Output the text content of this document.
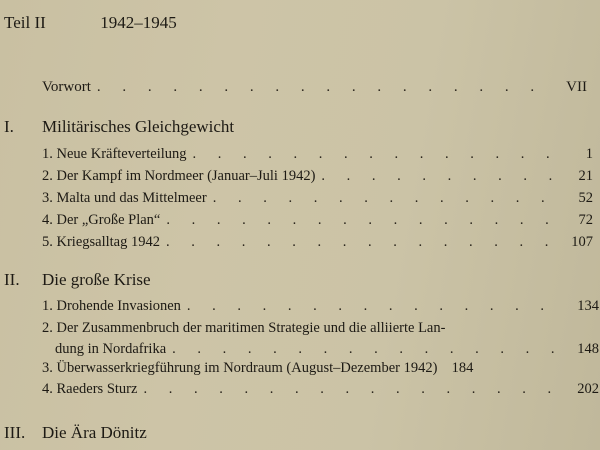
Teil II	1942–1945
Vorwort . . .	VII
I. Militärisches Gleichgewicht
1. Neue Kräfteverteilung . . .	1
2. Der Kampf im Nordmeer (Januar–Juli 1942) . . .	21
3. Malta und das Mittelmeer . . .	52
4. Der „Große Plan“ . . .	72
5. Kriegsalltag 1942 . . .	107
II. Die große Krise
1. Drohende Invasionen . . .	134
2. Der Zusammenbruch der maritimen Strategie und die alliierte Lan-
dung in Nordafrika . . .	148
3. Überwasserkriegführung im Nordraum (August–Dezember 1942) 184
4. Raeders Sturz . . .	202
III. Die Ära Dönitz
